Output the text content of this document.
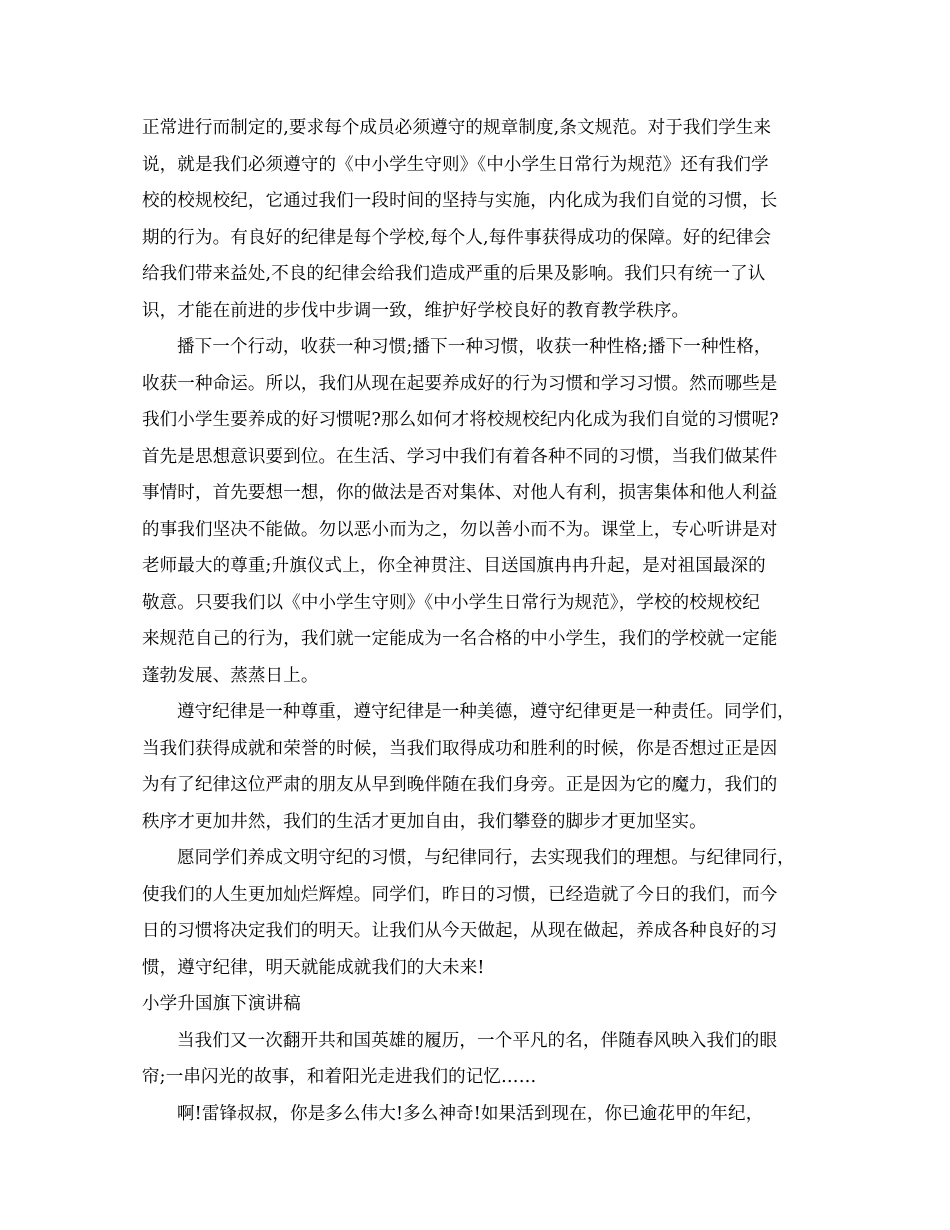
正常进行而制定的,要求每个成员必须遵守的规章制度,条文规范。对于我们学生来
说，就是我们必须遵守的《中小学生守则》《中小学生日常行为规范》还有我们学
校的校规校纪，它通过我们一段时间的坚持与实施，内化成为我们自觉的习惯，长
期的行为。有良好的纪律是每个学校,每个人,每件事获得成功的保障。好的纪律会
给我们带来益处,不良的纪律会给我们造成严重的后果及影响。我们只有统一了认
识，才能在前进的步伐中步调一致，维护好学校良好的教育教学秩序。
播下一个行动，收获一种习惯;播下一种习惯，收获一种性格;播下一种性格，
收获一种命运。所以，我们从现在起要养成好的行为习惯和学习习惯。然而哪些是
我们小学生要养成的好习惯呢?那么如何才将校规校纪内化成为我们自觉的习惯呢?
首先是思想意识要到位。在生活、学习中我们有着各种不同的习惯，当我们做某件
事情时，首先要想一想，你的做法是否对集体、对他人有利，损害集体和他人利益
的事我们坚决不能做。勿以恶小而为之，勿以善小而不为。课堂上，专心听讲是对
老师最大的尊重;升旗仪式上，你全神贯注、目送国旗冉冉升起，是对祖国最深的
敬意。只要我们以《中小学生守则》《中小学生日常行为规范》，学校的校规校纪
来规范自己的行为，我们就一定能成为一名合格的中小学生，我们的学校就一定能
蓬勃发展、蒸蒸日上。
遵守纪律是一种尊重，遵守纪律是一种美德，遵守纪律更是一种责任。同学们，
当我们获得成就和荣誉的时候，当我们取得成功和胜利的时候，你是否想过正是因
为有了纪律这位严肃的朋友从早到晚伴随在我们身旁。正是因为它的魔力，我们的
秩序才更加井然，我们的生活才更加自由，我们攀登的脚步才更加坚实。
愿同学们养成文明守纪的习惯，与纪律同行，去实现我们的理想。与纪律同行，
使我们的人生更加灿烂辉煌。同学们，昨日的习惯，已经造就了今日的我们，而今
日的习惯将决定我们的明天。让我们从今天做起，从现在做起，养成各种良好的习
惯，遵守纪律，明天就能成就我们的大未来!
小学升国旗下演讲稿
当我们又一次翻开共和国英雄的履历，一个平凡的名，伴随春风映入我们的眼
帘;一串闪光的故事，和着阳光走进我们的记忆……
啊!雷锋叔叔，你是多么伟大!多么神奇!如果活到现在，你已逾花甲的年纪，
